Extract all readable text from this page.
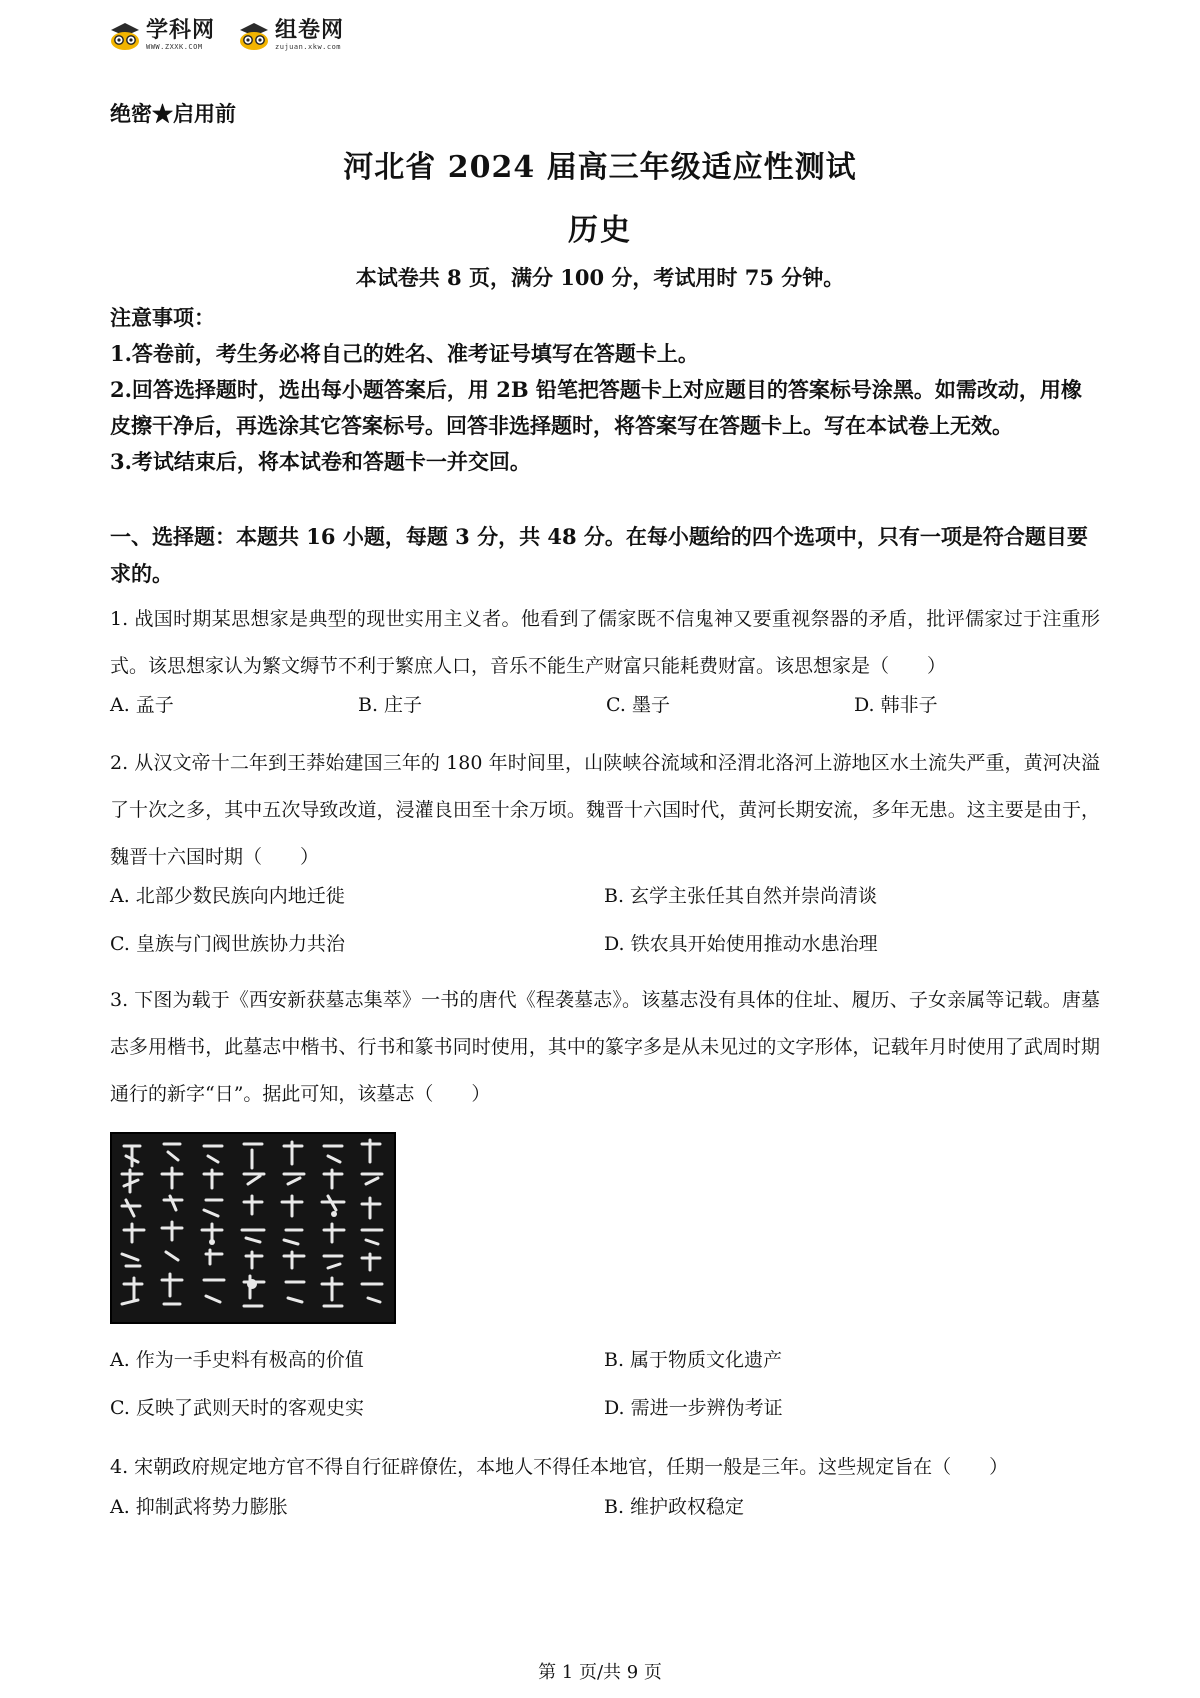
学科网
WWW.ZXXK.COM
组卷网
zujuan.xkw.com
绝密★启用前
河北省 2024 届高三年级适应性测试
历史
本试卷共 8 页，满分 100 分，考试用时 75 分钟。
注意事项：
1.答卷前，考生务必将自己的姓名、准考证号填写在答题卡上。
2.回答选择题时，选出每小题答案后，用 2B 铅笔把答题卡上对应题目的答案标号涂黑。如需改动，用橡皮擦干净后，再选涂其它答案标号。回答非选择题时，将答案写在答题卡上。写在本试卷上无效。
3.考试结束后，将本试卷和答题卡一并交回。
一、选择题：本题共 16 小题，每题 3 分，共 48 分。在每小题给的四个选项中，只有一项是符合题目要求的。
1. 战国时期某思想家是典型的现世实用主义者。他看到了儒家既不信鬼神又要重视祭器的矛盾，批评儒家过于注重形式。该思想家认为繁文缛节不利于繁庶人口，音乐不能生产财富只能耗费财富。该思想家是（　　）
A. 孟子	B. 庄子	C. 墨子	D. 韩非子
2. 从汉文帝十二年到王莽始建国三年的 180 年时间里，山陕峡谷流域和泾渭北洛河上游地区水土流失严重，黄河决溢了十次之多，其中五次导致改道，浸灌良田至十余万顷。魏晋十六国时代，黄河长期安流，多年无患。这主要是由于，魏晋十六国时期（　　）
A. 北部少数民族向内地迁徙	B. 玄学主张任其自然并崇尚清谈
C. 皇族与门阀世族协力共治	D. 铁农具开始使用推动水患治理
3. 下图为载于《西安新获墓志集萃》一书的唐代《程袭墓志》。该墓志没有具体的住址、履历、子女亲属等记载。唐墓志多用楷书，此墓志中楷书、行书和篆书同时使用，其中的篆字多是从未见过的文字形体，记载年月时使用了武周时期通行的新字“日”。据此可知，该墓志（　　）
A. 作为一手史料有极高的价值	B. 属于物质文化遗产
C. 反映了武则天时的客观史实	D. 需进一步辨伪考证
4. 宋朝政府规定地方官不得自行征辟僚佐，本地人不得任本地官，任期一般是三年。这些规定旨在（　　）
A. 抑制武将势力膨胀	B. 维护政权稳定
第 1 页/共 9 页
